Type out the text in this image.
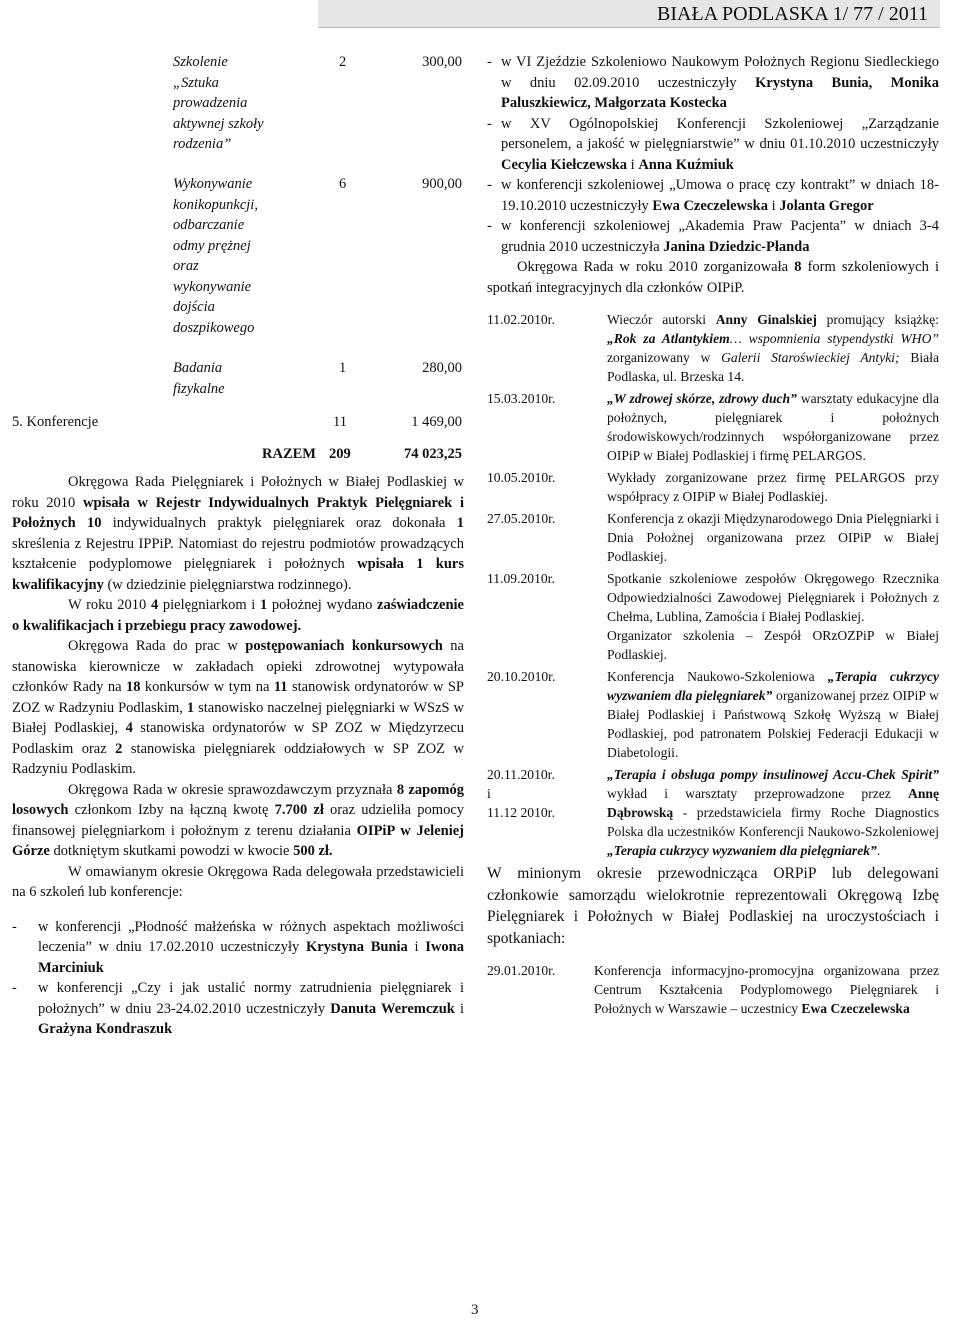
BIAŁA PODLASKA 1/ 77 / 2011
Szkolenie
„Sztuka
prowadzenia
aktywnej szkoły
rodzenia”
2	300,00
Wykonywanie
konikopunkcji,
odbarczanie
odmy prężnej
oraz
wykonywanie
dojścia
doszpikowego
6	900,00
Badania
fizykalne
1	280,00
5. Konferencje	11	1 469,00
RAZEM 209	74 023,25

Okręgowa Rada Pielęgniarek i Położnych w Białej Podlaskiej w roku 2010 wpisała w Rejestr Indywidualnych Praktyk Pielęgniarek i Położnych 10 indywidualnych praktyk pielęgniarek oraz dokonała 1 skreślenia z Rejestru IPPiP. Natomiast do rejestru podmiotów prowadzących kształcenie podyplomowe pielęgniarek i położnych wpisała 1 kurs kwalifikacyjny (w dziedzinie pielęgniarstwa rodzinnego).

W roku 2010 4 pielęgniarkom i 1 położnej wydano zaświadczenie o kwalifikacjach i przebiegu pracy zawodowej.

Okręgowa Rada do prac w postępowaniach konkursowych na stanowiska kierownicze w zakładach opieki zdrowotnej wytypowała członków Rady na 18 konkursów w tym na 11 stanowisk ordynatorów w SP ZOZ w Radzyniu Podlaskim, 1 stanowisko naczelnej pielęgniarki w WSzS w Białej Podlaskiej, 4 stanowiska ordynatorów w SP ZOZ w Międzyrzecu Podlaskim oraz 2 stanowiska pielęgniarek oddziałowych w SP ZOZ w Radzyniu Podlaskim.

Okręgowa Rada w okresie sprawozdawczym przyznała 8 zapomóg losowych członkom Izby na łączną kwotę 7.700 zł oraz udzieliła pomocy finansowej pielęgniarkom i położnym z terenu działania OIPiP w Jeleniej Górze dotkniętym skutkami powodzi w kwocie 500 zł.

W omawianym okresie Okręgowa Rada delegowała przedstawicieli na 6 szkoleń lub konferencje:

-	w konferencji „Płodność małżeńska w różnych aspektach możliwości leczenia” w dniu 17.02.2010 uczestniczyły Krystyna Bunia i Iwona Marciniuk
-	w konferencji „Czy i jak ustalić normy zatrudnienia pielęgniarek i położnych” w dniu 23-24.02.2010 uczestniczyły Danuta Weremczuk i Grażyna Kondraszuk
- w VI Zjeździe Szkoleniowo Naukowym Położnych Regionu Siedleckiego w dniu 02.09.2010 uczestniczyły Krystyna Bunia, Monika Paluszkiewicz, Małgorzata Kostecka
- w XV Ogólnopolskiej Konferencji Szkoleniowej „Zarządzanie personelem, a jakość w pielęgniarstwie” w dniu 01.10.2010 uczestniczyły Cecylia Kiełczewska i Anna Kuźmiuk
- w konferencji szkoleniowej „Umowa o pracę czy kontrakt” w dniach 18-19.10.2010 uczestniczyły Ewa Czeczelewska i Jolanta Gregor
- w konferencji szkoleniowej „Akademia Praw Pacjenta” w dniach 3-4 grudnia 2010 uczestniczyła Janina Dziedzic-Płanda

Okręgowa Rada w roku 2010 zorganizowała 8 form szkoleniowych i spotkań integracyjnych dla członków OIPiP.

11.02.2010r.	Wieczór autorski Anny Ginalskiej promujący książkę: „Rok za Atlantykiem… wspomnienia stypendystki WHO” zorganizowany w Galerii Staroświeckiej Antyki; Biała Podlaska, ul. Brzeska 14.
15.03.2010r.	„W zdrowej skórze, zdrowy duch” warsztaty edukacyjne dla położnych, pielęgniarek i położnych środowiskowych/rodzinnych współorganizowane przez OIPiP w Białej Podlaskiej i firmę PELARGOS.
10.05.2010r.	Wykłady zorganizowane przez firmę PELARGOS przy współpracy z OIPiP w Białej Podlaskiej.
27.05.2010r.	Konferencja z okazji Międzynarodowego Dnia Pielęgniarki i Dnia Położnej organizowana przez OIPiP w Białej Podlaskiej.
11.09.2010r.	Spotkanie szkoleniowe zespołów Okręgowego Rzecznika Odpowiedzialności Zawodowej Pielęgniarek i Położnych z Chełma, Lublina, Zamościa i Białej Podlaskiej.
Organizator szkolenia – Zespół ORzOZPiP w Białej Podlaskiej.
20.10.2010r.	Konferencja Naukowo-Szkoleniowa „Terapia cukrzycy wyzwaniem dla pielęgniarek” organizowanej przez OIPiP w Białej Podlaskiej i Państwową Szkołę Wyższą w Białej Podlaskiej, pod patronatem Polskiej Federacji Edukacji w Diabetologii.
20.11.2010r.
i
11.12 2010r.
„Terapia i obsługa pompy insulinowej Accu-Chek Spirit” wykład i warsztaty przeprowadzone przez Annę Dąbrowską - przedstawiciela firmy Roche Diagnostics Polska dla uczestników Konferencji Naukowo-Szkoleniowej „Terapia cukrzycy wyzwaniem dla pielęgniarek”.

W minionym okresie przewodnicząca ORPiP lub delegowani członkowie samorządu wielokrotnie reprezentowali Okręgową Izbę Pielęgniarek i Położnych w Białej Podlaskiej na uroczystościach i spotkaniach:

29.01.2010r.	Konferencja informacyjno-promocyjna organizowana przez Centrum Kształcenia Podyplomowego Pielęgniarek i Położnych w Warszawie – uczestnicy Ewa Czeczelewska
3
